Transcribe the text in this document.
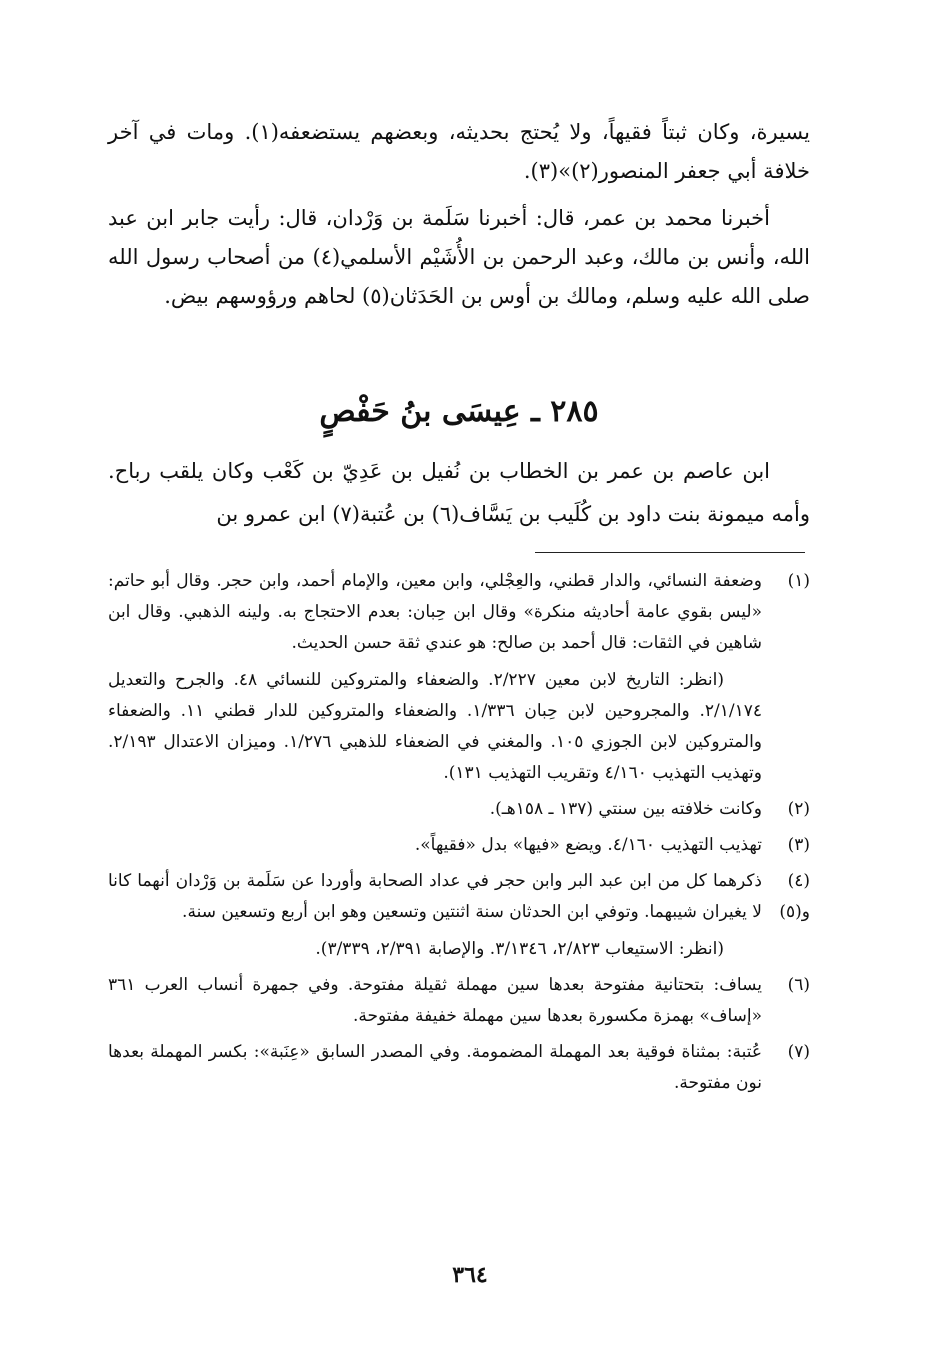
يسيرة، وكان ثبتاً فقيهاً، ولا يُحتج بحديثه، وبعضهم يستضعفه(١). ومات في آخر خلافة أبي جعفر المنصور(٢)»(٣).

أخبرنا محمد بن عمر، قال: أخبرنا سَلَمة بن وَرْدان، قال: رأيت جابر ابن عبد الله، وأنس بن مالك، وعبد الرحمن بن الأُشَيْم الأسلمي(٤) من أصحاب رسول الله صلى الله عليه وسلم، ومالك بن أوس بن الحَدَثان(٥) لحاهم ورؤوسهم بيض.

٢٨٥ ـ عِيسَى بنُ حَفْصٍ

ابن عاصم بن عمر بن الخطاب بن نُفيل بن عَدِيّ بن كَعْب وكان يلقب رباح. وأمه ميمونة بنت داود بن كُلَيب بن يَسَّاف(٦) بن عُتبة(٧) ابن عمرو بن

(١)

وضعفة النسائي، والدار قطني، والعِجْلي، وابن معين، والإمام أحمد، وابن حجر. وقال أبو حاتم: «ليس بقوي عامة أحاديثه منكرة» وقال ابن حِبان: بعدم الاحتجاج به. ولينه الذهبي. وقال ابن شاهين في الثقات: قال أحمد بن صالح: هو عندي ثقة حسن الحديث.

(انظر: التاريخ لابن معين ٢/٢٢٧. والضعفاء والمتروكين للنسائي ٤٨. والجرح والتعديل ٢/١/١٧٤. والمجروحين لابن حِبان ١/٣٣٦. والضعفاء والمتروكين للدار قطني ١١. والضعفاء والمتروكين لابن الجوزي ١٠٥. والمغني في الضعفاء للذهبي ١/٢٧٦. وميزان الاعتدال ٢/١٩٣. وتهذيب التهذيب ٤/١٦٠ وتقريب التهذيب ١٣١).

(٢)

وكانت خلافته بين سنتي (١٣٧ ـ ١٥٨هـ).

(٣)

تهذيب التهذيب ٤/١٦٠. ويضع «فيها» بدل «فقيهاً».

(٤) و(٥)

ذكرهما كل من ابن عبد البر وابن حجر في عداد الصحابة وأوردا عن سَلَمة بن وَرْدان أنهما كانا لا يغيران شيبهما. وتوفي ابن الحدثان سنة اثنتين وتسعين وهو ابن أربع وتسعين سنة.

(انظر: الاستيعاب ٢/٨٢٣، ٣/١٣٤٦. والإصابة ٢/٣٩١، ٣/٣٣٩).

(٦)

يساف: بتحتانية مفتوحة بعدها سين مهملة ثقيلة مفتوحة. وفي جمهرة أنساب العرب ٣٦١ «إساف» بهمزة مكسورة بعدها سين مهملة خفيفة مفتوحة.

(٧)

عُتبة: بمثناة فوقية بعد المهملة المضمومة. وفي المصدر السابق «عِنَبة»: بكسر المهملة بعدها نون مفتوحة.

٣٦٤
